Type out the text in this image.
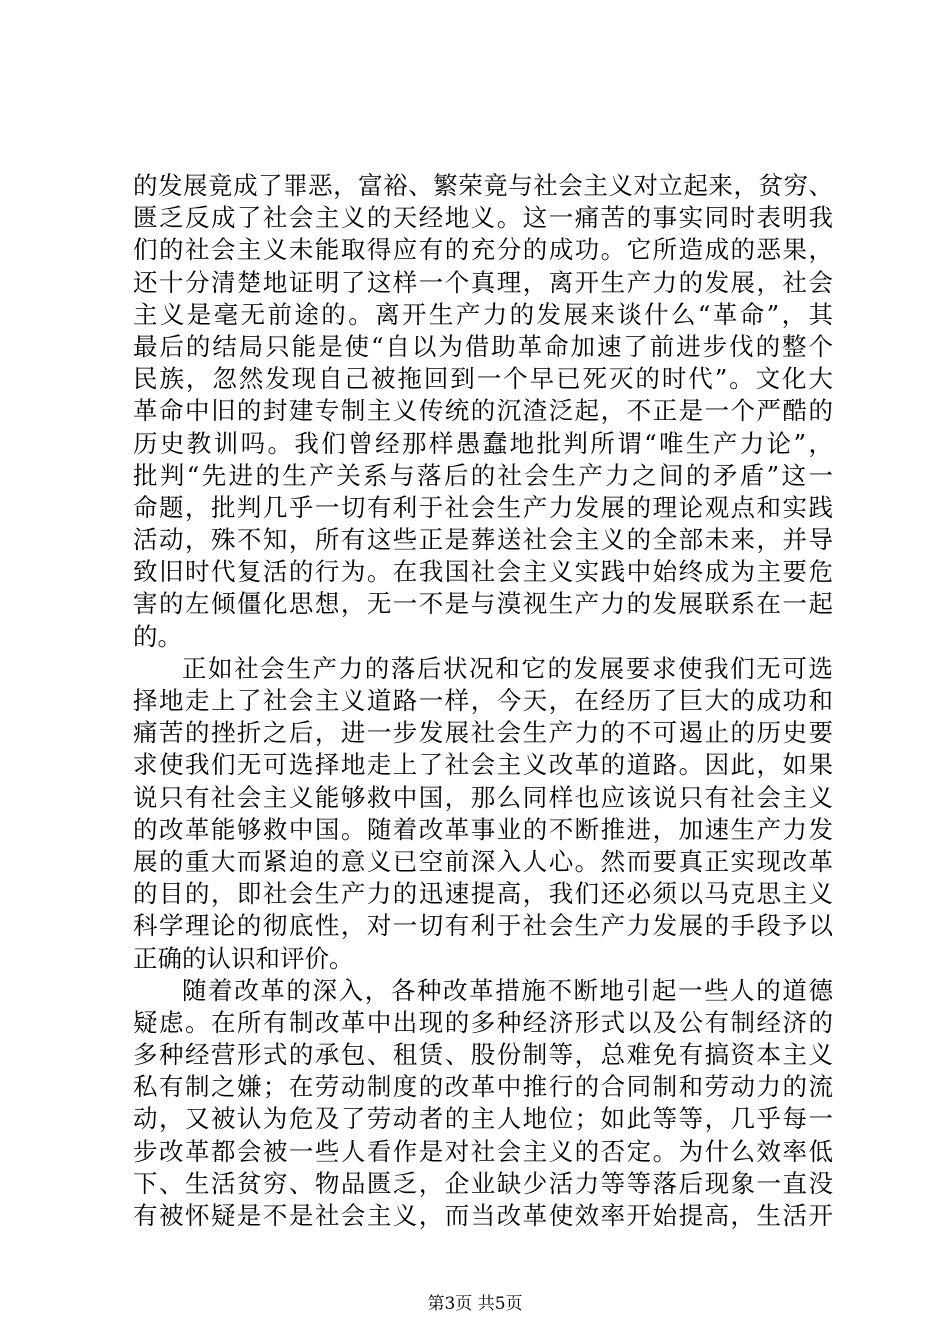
的发展竟成了罪恶，富裕、繁荣竟与社会主义对立起来，贫穷、
匮乏反成了社会主义的天经地义。这一痛苦的事实同时表明我
们的社会主义未能取得应有的充分的成功。它所造成的恶果，
还十分清楚地证明了这样一个真理，离开生产力的发展，社会
主义是毫无前途的。离开生产力的发展来谈什么“革命”，其
最后的结局只能是使“自以为借助革命加速了前进步伐的整个
民族，忽然发现自己被拖回到一个早已死灭的时代”。文化大
革命中旧的封建专制主义传统的沉渣泛起，不正是一个严酷的
历史教训吗。我们曾经那样愚蠢地批判所谓“唯生产力论”，
批判“先进的生产关系与落后的社会生产力之间的矛盾”这一
命题，批判几乎一切有利于社会生产力发展的理论观点和实践
活动，殊不知，所有这些正是葬送社会主义的全部未来，并导
致旧时代复活的行为。在我国社会主义实践中始终成为主要危
害的左倾僵化思想，无一不是与漠视生产力的发展联系在一起
的。
正如社会生产力的落后状况和它的发展要求使我们无可选
择地走上了社会主义道路一样，今天，在经历了巨大的成功和
痛苦的挫折之后，进一步发展社会生产力的不可遏止的历史要
求使我们无可选择地走上了社会主义改革的道路。因此，如果
说只有社会主义能够救中国，那么同样也应该说只有社会主义
的改革能够救中国。随着改革事业的不断推进，加速生产力发
展的重大而紧迫的意义已空前深入人心。然而要真正实现改革
的目的，即社会生产力的迅速提高，我们还必须以马克思主义
科学理论的彻底性，对一切有利于社会生产力发展的手段予以
正确的认识和评价。
随着改革的深入，各种改革措施不断地引起一些人的道德
疑虑。在所有制改革中出现的多种经济形式以及公有制经济的
多种经营形式的承包、租赁、股份制等，总难免有搞资本主义
私有制之嫌；在劳动制度的改革中推行的合同制和劳动力的流
动，又被认为危及了劳动者的主人地位；如此等等，几乎每一
步改革都会被一些人看作是对社会主义的否定。为什么效率低
下、生活贫穷、物品匮乏，企业缺少活力等等落后现象一直没
有被怀疑是不是社会主义，而当改革使效率开始提高，生活开
第3页 共5页
